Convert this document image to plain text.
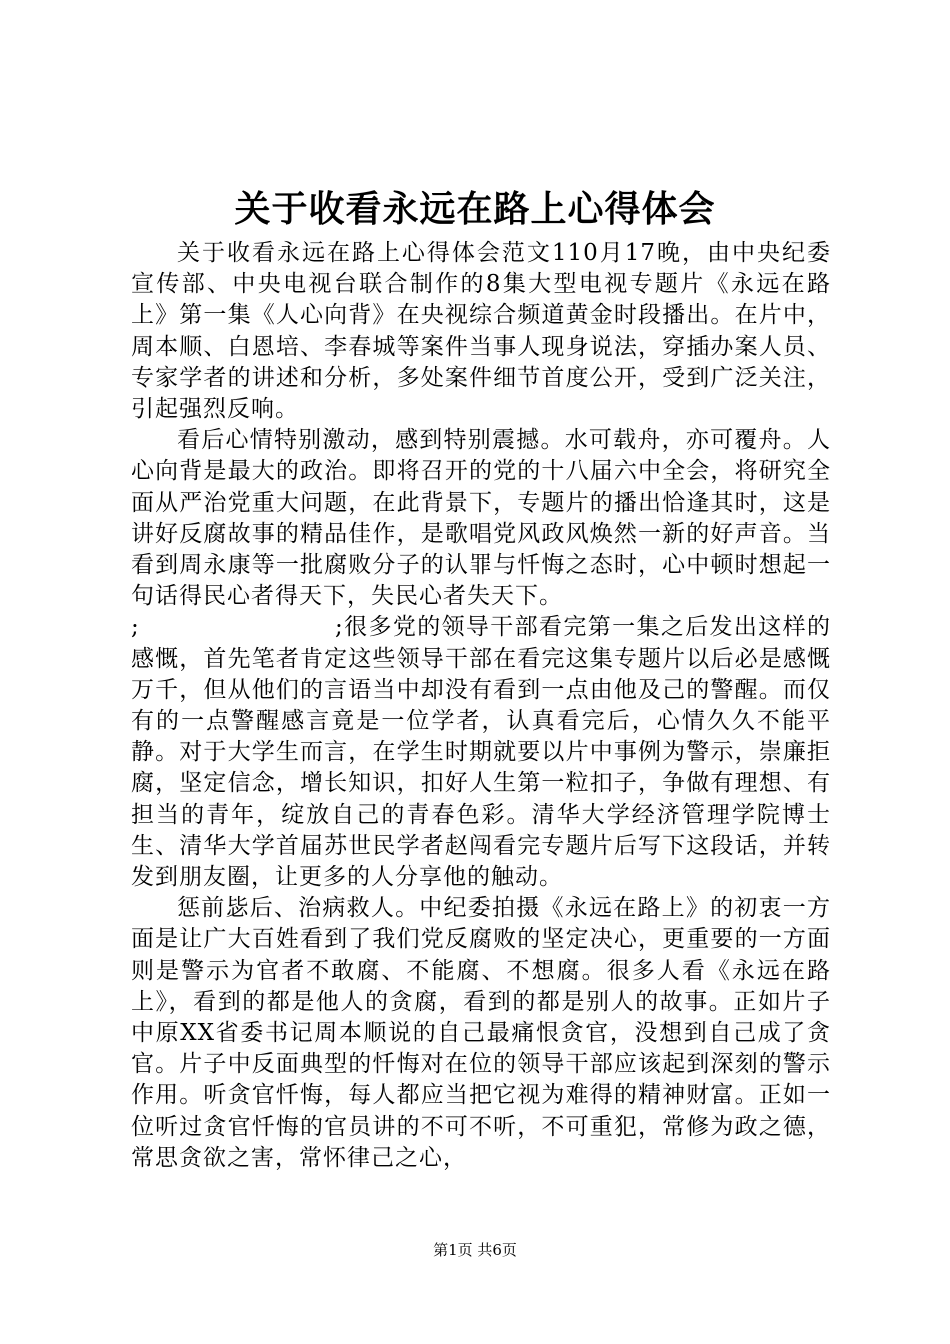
关于收看永远在路上心得体会

关于收看永远在路上心得体会范文110月17晚，由中央纪委宣传部、中央电视台联合制作的8集大型电视专题片《永远在路上》第一集《人心向背》在央视综合频道黄金时段播出。在片中，周本顺、白恩培、李春城等案件当事人现身说法，穿插办案人员、专家学者的讲述和分析，多处案件细节首度公开，受到广泛关注，引起强烈反响。

看后心情特别激动，感到特别震撼。水可载舟，亦可覆舟。人心向背是最大的政治。即将召开的党的十八届六中全会，将研究全面从严治党重大问题，在此背景下，专题片的播出恰逢其时，这是讲好反腐故事的精品佳作，是歌唱党风政风焕然一新的好声音。当看到周永康等一批腐败分子的认罪与忏悔之态时，心中顿时想起一句话得民心者得天下，失民心者失天下。

;　　　　　　　　;很多党的领导干部看完第一集之后发出这样的感慨，首先笔者肯定这些领导干部在看完这集专题片以后必是感慨万千，但从他们的言语当中却没有看到一点由他及己的警醒。而仅有的一点警醒感言竟是一位学者，认真看完后，心情久久不能平静。对于大学生而言，在学生时期就要以片中事例为警示，崇廉拒腐，坚定信念，增长知识，扣好人生第一粒扣子，争做有理想、有担当的青年，绽放自己的青春色彩。清华大学经济管理学院博士生、清华大学首届苏世民学者赵闯看完专题片后写下这段话，并转发到朋友圈，让更多的人分享他的触动。

惩前毖后、治病救人。中纪委拍摄《永远在路上》的初衷一方面是让广大百姓看到了我们党反腐败的坚定决心，更重要的一方面则是警示为官者不敢腐、不能腐、不想腐。很多人看《永远在路上》，看到的都是他人的贪腐，看到的都是别人的故事。正如片子中原XX省委书记周本顺说的自己最痛恨贪官，没想到自己成了贪官。片子中反面典型的忏悔对在位的领导干部应该起到深刻的警示作用。听贪官忏悔，每人都应当把它视为难得的精神财富。正如一位听过贪官忏悔的官员讲的不可不听，不可重犯，常修为政之德，常思贪欲之害，常怀律己之心，

第1页 共6页
